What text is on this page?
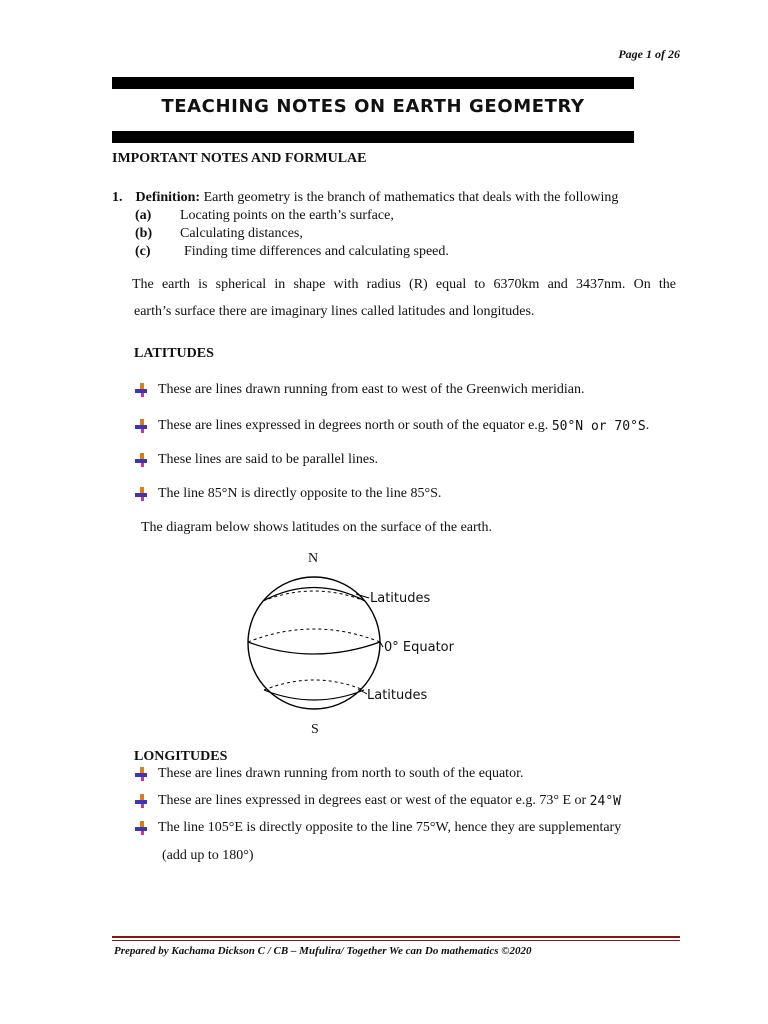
Page 1 of 26
TEACHING NOTES ON EARTH GEOMETRY
IMPORTANT NOTES AND FORMULAE
1. Definition: Earth geometry is the branch of mathematics that deals with the following
(a) Locating points on the earth’s surface,
(b) Calculating distances,
(c) Finding time differences and calculating speed.
The earth is spherical in shape with radius (R) equal to 6370km and 3437nm. On the
earth’s surface there are imaginary lines called latitudes and longitudes.
LATITUDES
These are lines drawn running from east to west of the Greenwich meridian.
These are lines expressed in degrees north or south of the equator e.g.
50°N or 70°S .
These lines are said to be parallel lines.
The line 85°N is directly opposite to the line 85°S.
The diagram below shows latitudes on the surface of the earth.
N
S
Latitudes
0° Equator
Latitudes
LONGITUDES
These are lines drawn running from north to south of the equator.
These are lines expressed in degrees east or west of the equator e.g. 73° E or
24°W
The line 105°E is directly opposite to the line 75°W, hence they are supplementary
(add up to 180°)
Prepared by Kachama Dickson C / CB – Mufulira/ Together We can Do mathematics ©2020
